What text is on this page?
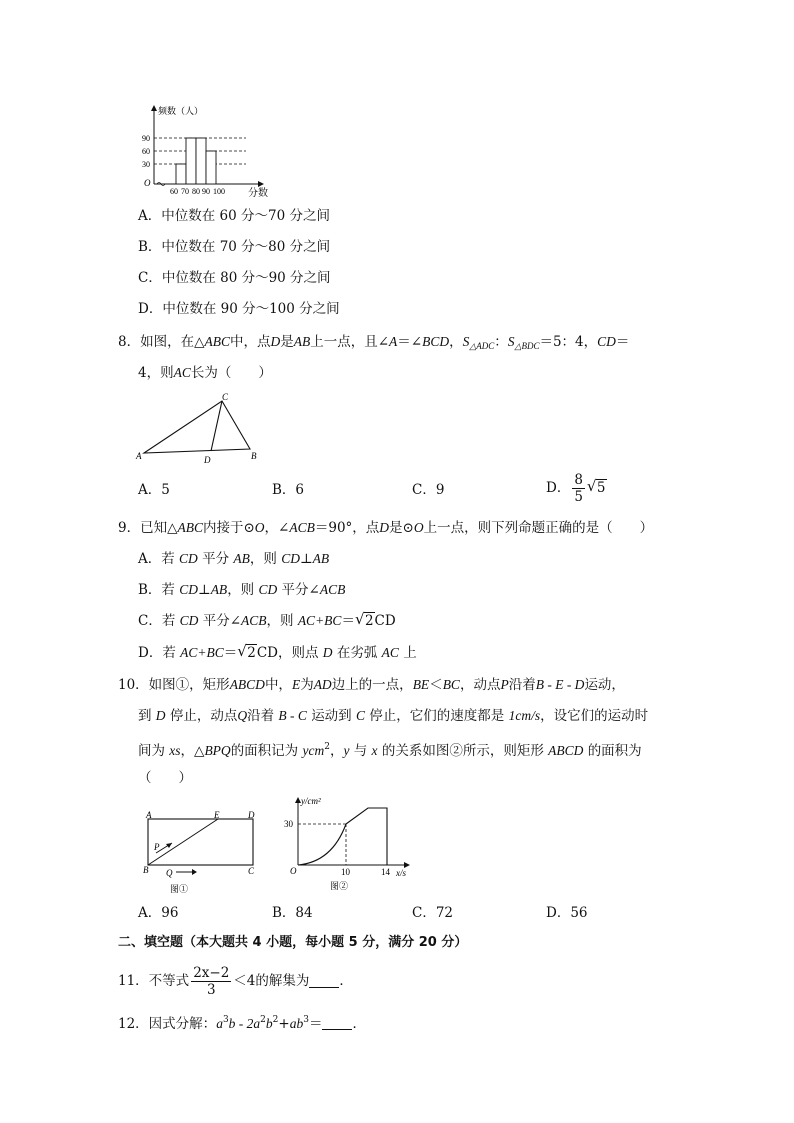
频数（人）
90
60
30
O
60 70 80 90 100 分数
A．中位数在 60 分～70 分之间
B．中位数在 70 分～80 分之间
C．中位数在 80 分～90 分之间
D．中位数在 90 分～100 分之间
8．如图，在△ABC中，点D是AB上一点，且∠A＝∠BCD，$S_{\triangle ADC}$：$S_{\triangle BDC}=5$：4，CD＝
4，则AC长为（　　）
C
A	D	B
A．5	B．6	C．9	D． $\frac{8}{5}$ √ 5
9．已知△ABC内接于⊙O，∠ACB＝90°，点D是⊙O上一点，则下列命题正确的是（　　）
A．若 CD 平分 AB，则 CD⊥AB
B．若 CD⊥AB，则 CD 平分∠ACB
C．若 CD 平分∠ACB，则 AC+BC＝ √ 2CD
D．若 AC+BC＝ √ 2CD，则点 D 在劣弧 AC 上
10．如图①，矩形ABCD中，E为AD边上的一点，BE＜BC，动点P沿着B - E - D运动，
到 D 停止，动点Q沿着 B - C 运动到 C 停止，它们的速度都是 1cm/s，设它们的运动时
间为 xs，△BPQ的面积记为 ycm$^2$，y 与 x 的关系如图②所示，则矩形 ABCD 的面积为
（　　）
A	E	D
P
B Q	C
图①
y/cm²
30
O	10	14 x/s
图②
A．96	B．84	C．72	D．56
二、填空题（本大题共 4 小题，每小题 5 分，满分 20 分）
11．不等式 $\frac{2x-2}{3} <4$的解集为 ．
12．因式分解：$a^3b - 2a^2b^2+ab^3=$ ．
